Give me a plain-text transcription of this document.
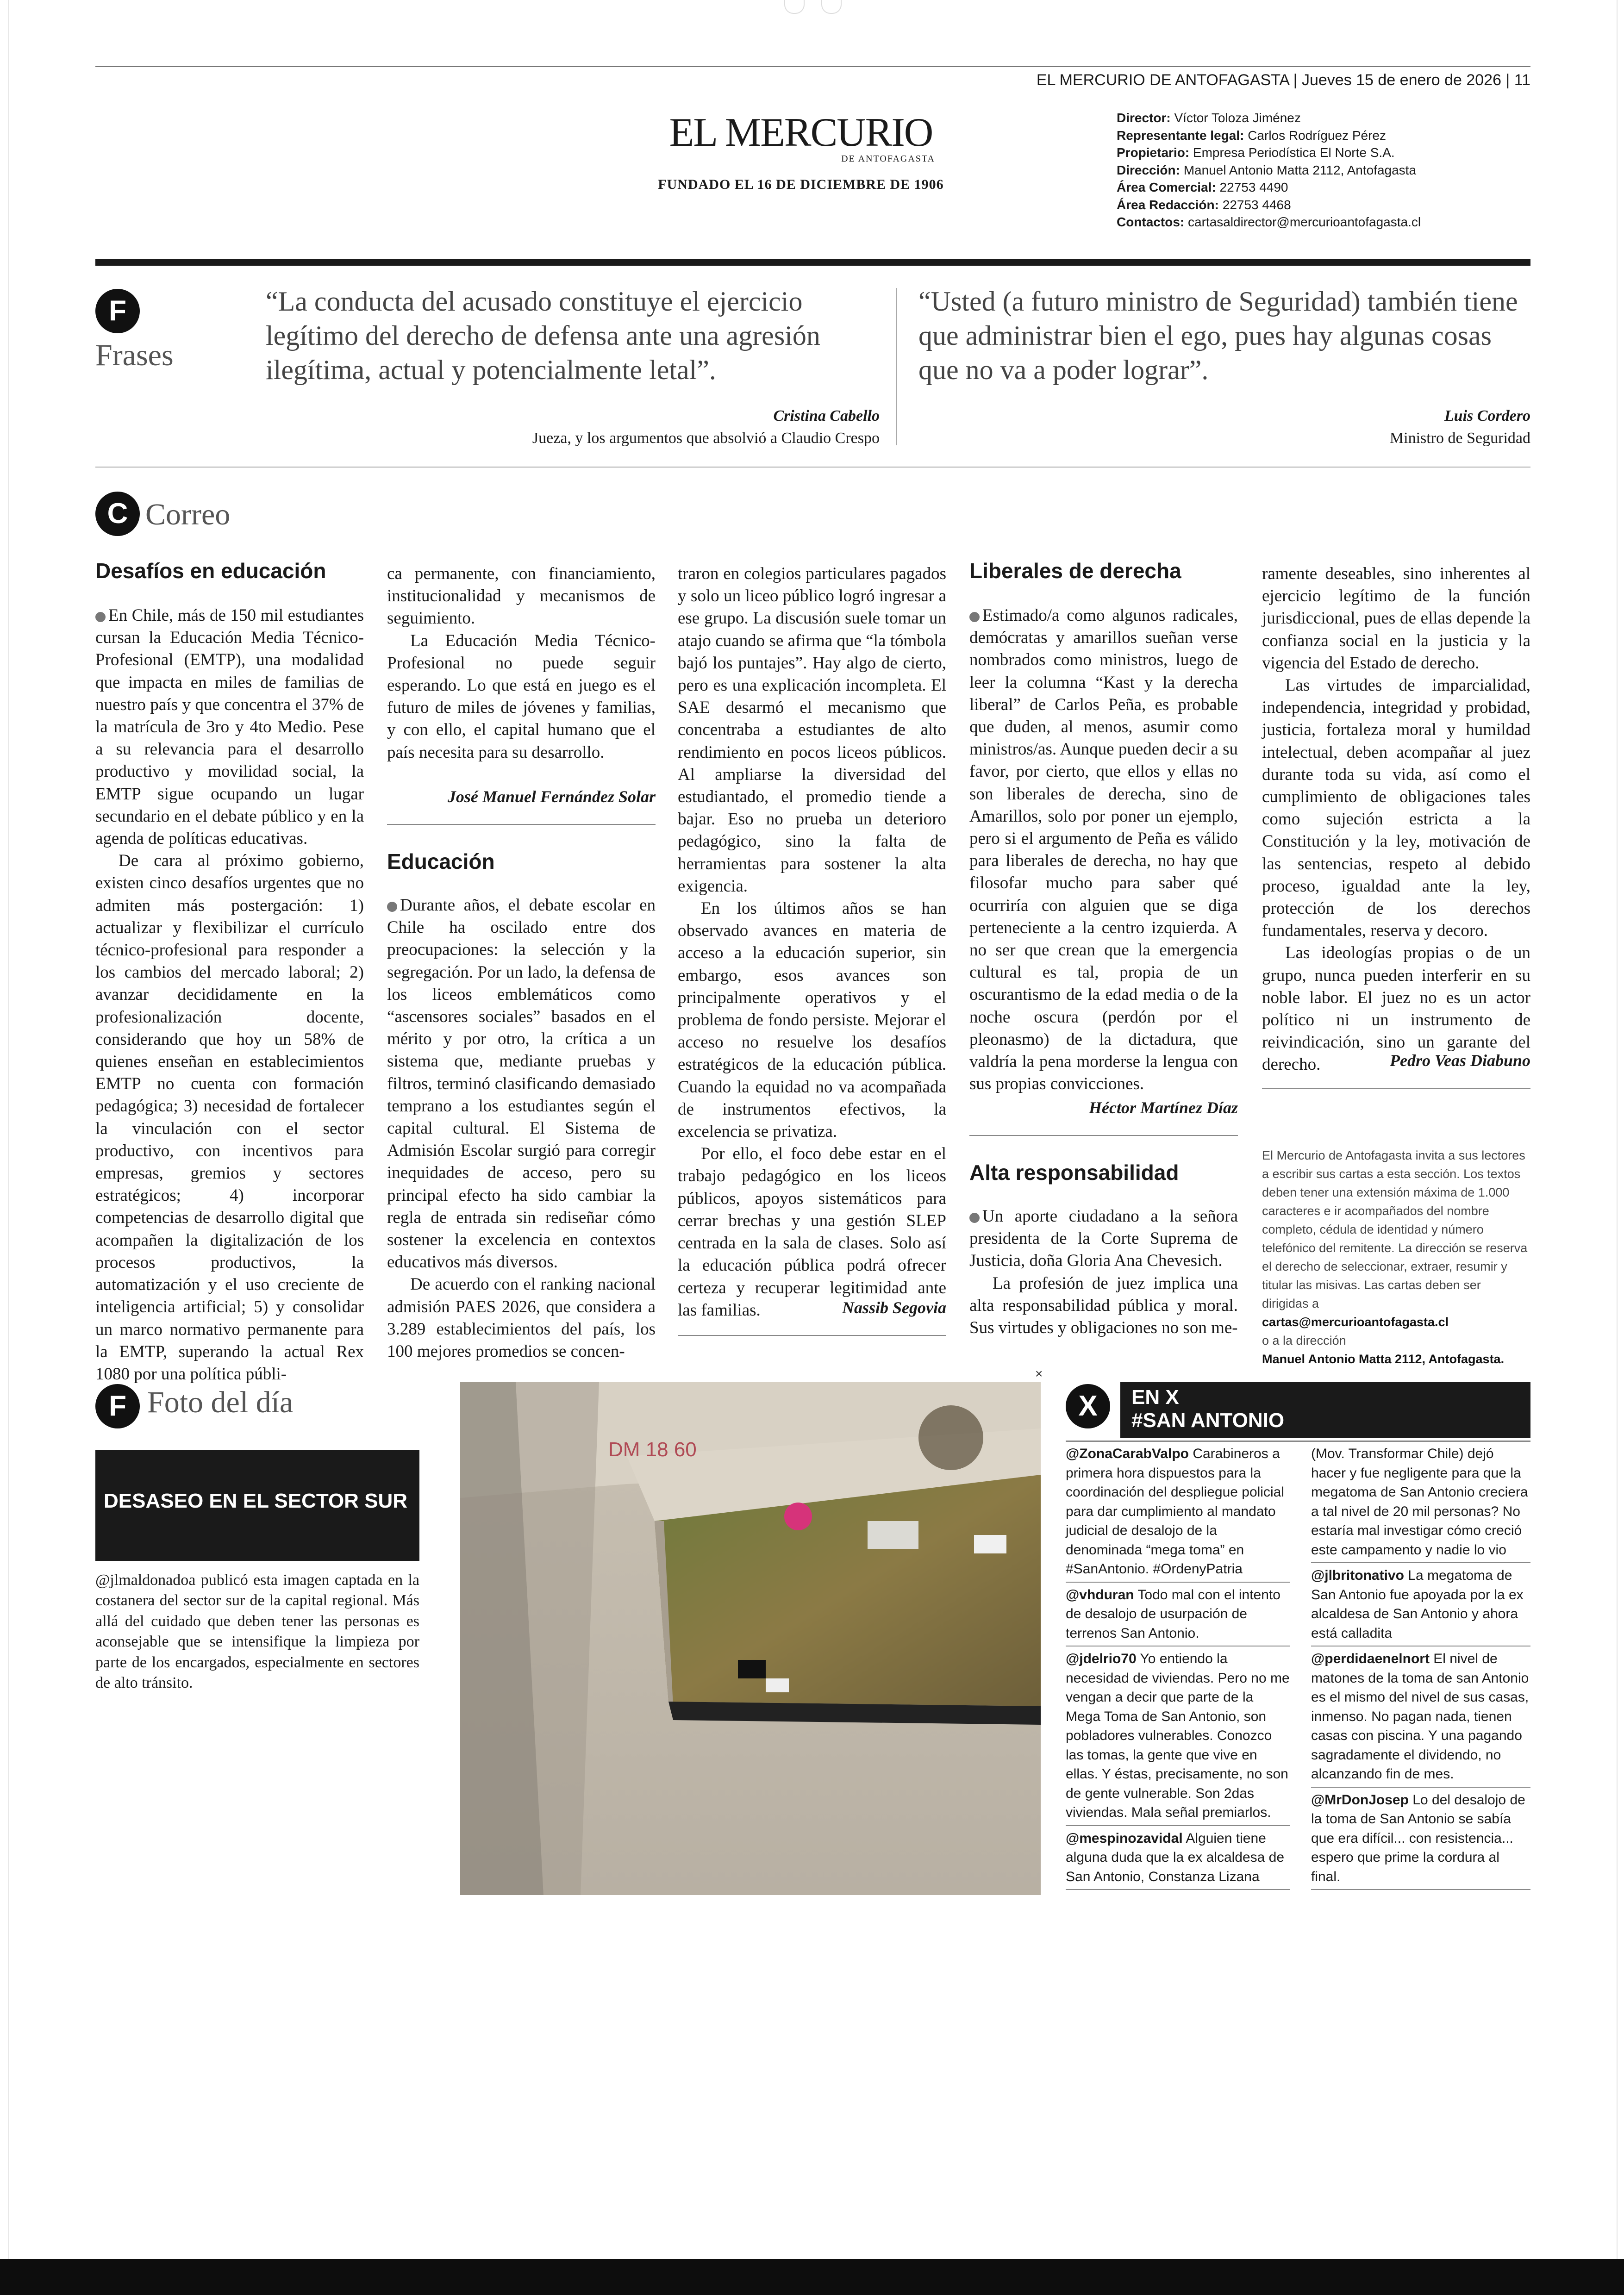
EL MERCURIO DE ANTOFAGASTA | Jueves 15 de enero de 2026 | 11
EL MERCURIO
DE ANTOFAGASTA
FUNDADO EL 16 DE DICIEMBRE DE 1906
Director: Víctor Toloza Jiménez
Representante legal: Carlos Rodríguez Pérez
Propietario: Empresa Periodística El Norte S.A.
Dirección: Manuel Antonio Matta 2112, Antofagasta
Área Comercial: 22753 4490
Área Redacción: 22753 4468
Contactos: cartasaldirector@mercurioantofagasta.cl
F
Frases
“La conducta del acusado constituye el ejercicio legítimo del derecho de defensa ante una agresión ilegítima, actual y potencialmente letal”.
Cristina Cabello
Jueza, y los argumentos que absolvió a Claudio Crespo
“Usted (a futuro ministro de Seguridad) también tiene que administrar bien el ego, pues hay algunas cosas que no va a poder lograr”.
Luis Cordero
Ministro de Seguridad
C Correo
Desafíos en educación

En Chile, más de 150 mil estudiantes cursan la Educación Media Técnico-Profesional (EMTP), una modalidad que impacta en miles de familias de nuestro país y que concentra el 37% de la matrícula de 3ro y 4to Medio. Pese a su relevancia para el desarrollo productivo y movilidad social, la EMTP sigue ocupando un lugar secundario en el debate público y en la agenda de políticas educativas.

De cara al próximo gobierno, existen cinco desafíos urgentes que no admiten más postergación: 1) actualizar y flexibilizar el currículo técnico-profesional para responder a los cambios del mercado laboral; 2) avanzar decididamente en la profesionalización docente, considerando que hoy un 58% de quienes enseñan en establecimientos EMTP no cuenta con formación pedagógica; 3) necesidad de fortalecer la vinculación con el sector productivo, con incentivos para empresas, gremios y sectores estratégicos; 4) incorporar competencias de desarrollo digital que acompañen la digitalización de los procesos productivos, la automatización y el uso creciente de inteligencia artificial; 5) y consolidar un marco normativo permanente para la EMTP, superando la actual Rex 1080 por una política públi-

ca permanente, con financiamiento, institucionalidad y mecanismos de seguimiento.

La Educación Media Técnico-Profesional no puede seguir esperando. Lo que está en juego es el futuro de miles de jóvenes y familias, y con ello, el capital humano que el país necesita para su desarrollo.

José Manuel Fernández Solar
Educación

Durante años, el debate escolar en Chile ha oscilado entre dos preocupaciones: la selección y la segregación. Por un lado, la defensa de los liceos emblemáticos como “ascensores sociales” basados en el mérito y por otro, la crítica a un sistema que, mediante pruebas y filtros, terminó clasificando demasiado temprano a los estudiantes según el capital cultural. El Sistema de Admisión Escolar surgió para corregir inequidades de acceso, pero su principal efecto ha sido cambiar la regla de entrada sin rediseñar cómo sostener la excelencia en contextos educativos más diversos.

De acuerdo con el ranking nacional admisión PAES 2026, que considera a 3.289 establecimientos del país, los 100 mejores promedios se concen-

traron en colegios particulares pagados y solo un liceo público logró ingresar a ese grupo. La discusión suele tomar un atajo cuando se afirma que “la tómbola bajó los puntajes”. Hay algo de cierto, pero es una explicación incompleta. El SAE desarmó el mecanismo que concentraba a estudiantes de alto rendimiento en pocos liceos públicos. Al ampliarse la diversidad del estudiantado, el promedio tiende a bajar. Eso no prueba un deterioro pedagógico, sino la falta de herramientas para sostener la alta exigencia.

En los últimos años se han observado avances en materia de acceso a la educación superior, sin embargo, esos avances son principalmente operativos y el problema de fondo persiste. Mejorar el acceso no resuelve los desafíos estratégicos de la educación pública. Cuando la equidad no va acompañada de instrumentos efectivos, la excelencia se privatiza.

Por ello, el foco debe estar en el trabajo pedagógico en los liceos públicos, apoyos sistemáticos para cerrar brechas y una gestión SLEP centrada en la sala de clases. Solo así la educación pública podrá ofrecer certeza y recuperar legitimidad ante las familias.	Nassib Segovia
Liberales de derecha

Estimado/a como algunos radicales, demócratas y amarillos sueñan verse nombrados como ministros, luego de leer la columna “Kast y la derecha liberal” de Carlos Peña, es probable que duden, al menos, asumir como ministros/as. Aunque pueden decir a su favor, por cierto, que ellos y ellas no son liberales de derecha, sino de Amarillos, solo por poner un ejemplo, pero si el argumento de Peña es válido para liberales de derecha, no hay que filosofar mucho para saber qué ocurriría con alguien que se diga perteneciente a la centro izquierda. A no ser que crean que la emergencia cultural es tal, propia de un oscurantismo de la edad media o de la noche oscura (perdón por el pleonasmo) de la dictadura, que valdría la pena morderse la lengua con sus propias convicciones.

Héctor Martínez Díaz
Alta responsabilidad

Un aporte ciudadano a la señora presidenta de la Corte Suprema de Justicia, doña Gloria Ana Chevesich.

La profesión de juez implica una alta responsabilidad pública y moral. Sus virtudes y obligaciones no son me-

ramente deseables, sino inherentes al ejercicio legítimo de la función jurisdiccional, pues de ellas depende la confianza social en la justicia y la vigencia del Estado de derecho.

Las virtudes de imparcialidad, independencia, integridad y probidad, justicia, fortaleza moral y humildad intelectual, deben acompañar al juez durante toda su vida, así como el cumplimiento de obligaciones tales como sujeción estricta a la Constitución y la ley, motivación de las sentencias, respeto al debido proceso, igualdad ante la ley, protección de los derechos fundamentales, reserva y decoro.

Las ideologías propias o de un grupo, nunca pueden interferir en su noble labor. El juez no es un actor político ni un instrumento de reivindicación, sino un garante del derecho.	Pedro Veas Diabuno
El Mercurio de Antofagasta invita a sus lectores a escribir sus cartas a esta sección. Los textos deben tener una extensión máxima de 1.000 caracteres e ir acompañados del nombre completo, cédula de identidad y número telefónico del remitente. La dirección se reserva el derecho de seleccionar, extraer, resumir y titular las misivas. Las cartas deben ser dirigidas a
cartas@mercurioantofagasta.cl
o a la dirección
Manuel Antonio Matta 2112, Antofagasta.
F Foto del día
DESASEO EN EL SECTOR SUR
@jlmaldonadoa publicó esta imagen captada en la costanera del sector sur de la capital regional. Más allá del cuidado que deben tener las personas es aconsejable que se intensifique la limpieza por parte de los encargados, especialmente en sectores de alto tránsito.
DM 18 60
×
X	EN X
#SAN ANTONIO
@ZonaCarabValpo Carabineros a primera hora dispuestos para la coordinación del despliegue policial para dar cumplimiento al mandato judicial de desalojo de la denominada “mega toma” en #SanAntonio. #OrdenyPatria
@vhduran Todo mal con el intento de desalojo de usurpación de terrenos San Antonio.
@jdelrio70 Yo entiendo la necesidad de viviendas. Pero no me vengan a decir que parte de la Mega Toma de San Antonio, son pobladores vulnerables. Conozco las tomas, la gente que vive en ellas. Y éstas, precisamente, no son de gente vulnerable. Son 2das viviendas. Mala señal premiarlos.
@mespinozavidal Alguien tiene alguna duda que la ex alcaldesa de San Antonio, Constanza Lizana
(Mov. Transformar Chile) dejó hacer y fue negligente para que la megatoma de San Antonio creciera a tal nivel de 20 mil personas? No estaría mal investigar cómo creció este campamento y nadie lo vio
@jlbritonativo La megatoma de San Antonio fue apoyada por la ex alcaldesa de San Antonio y ahora está calladita
@perdidaenelnort El nivel de matones de la toma de san Antonio es el mismo del nivel de sus casas, inmenso. No pagan nada, tienen casas con piscina. Y una pagando sagradamente el dividendo, no alcanzando fin de mes.
@MrDonJosep Lo del desalojo de la toma de San Antonio se sabía que era difícil... con resistencia... espero que prime la cordura al final.
